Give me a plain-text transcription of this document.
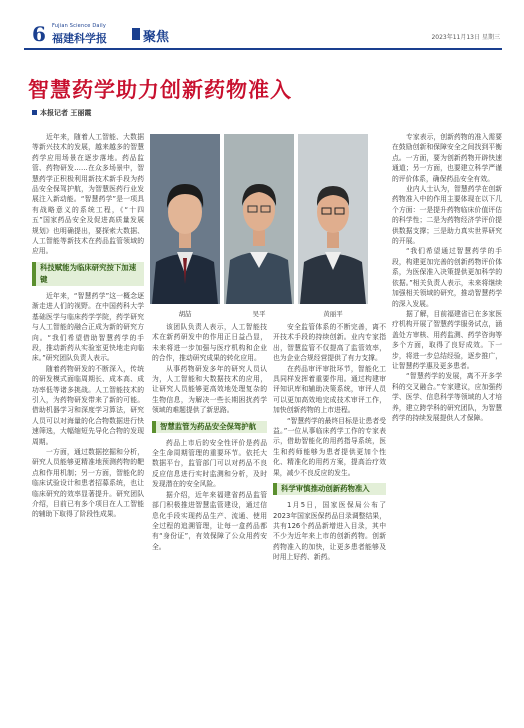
6 Fujian Science Daily
福建科学报	聚焦	2023年11月13日 星期三
智慧药学助力创新药物准入
本报记者 王丽霞
胡喆	吴平	黄丽平

近年来，随着人工智能、大数据等新兴技术的发展，越来越多的智慧药学应用场景在逐步落地。药品监管、药物研发……在众多场景中，智慧药学正积极利用新技术新手段为药品安全保驾护航，为智慧医药行业发展注入新动能。“智慧药学”是一项具有战略意义的系统工程，《“十四五”国家药品安全及促进高质量发展规划》也明确提出，要探索大数据、人工智能等新技术在药品监管领域的应用。

科技赋能为临床研究按下加速键

近年来，“智慧药学”这一概念逐渐走进人们的视野。在中国药科大学基础医学与临床药学学院，药学研究与人工智能的融合正成为新的研究方向。“我们希望借助智慧药学的手段，推动新药从实验室更快地走向临床。”研究团队负责人表示。

随着药物研发的不断深入，传统的研发模式面临周期长、成本高、成功率低等诸多挑战。人工智能技术的引入，为药物研发带来了新的可能。借助机器学习和深度学习算法，研究人员可以对海量的化合物数据进行快速筛选，大幅缩短先导化合物的发现周期。

一方面，通过数据挖掘和分析，研究人员能够更精准地预测药物的靶点和作用机制；另一方面，智能化的临床试验设计和患者招募系统，也让临床研究的效率显著提升。研究团队介绍，目前已有多个项目在人工智能的辅助下取得了阶段性成果。

该团队负责人表示，人工智能技术在新药研发中的作用正日益凸显，未来将进一步加强与医疗机构和企业的合作，推动研究成果的转化应用。

从事药物研发多年的研究人员认为，人工智能和大数据技术的应用，让研究人员能够更高效地处理复杂的生物信息，为解决一些长期困扰药学领域的难题提供了新思路。

智慧监管为药品安全保驾护航

药品上市后的安全性评价是药品全生命周期管理的重要环节。依托大数据平台，监管部门可以对药品不良反应信息进行实时监测和分析，及时发现潜在的安全风险。

据介绍，近年来福建省药品监管部门积极推进智慧监管建设，通过信息化手段实现药品生产、流通、使用全过程的追溯管理，让每一盒药品都有“身份证”，有效保障了公众用药安全。

安全监管体系的不断完善，离不开技术手段的持续创新。业内专家指出，智慧监管不仅提高了监管效率，也为企业合规经营提供了有力支撑。

在药品审评审批环节，智能化工具同样发挥着重要作用。通过构建审评知识库和辅助决策系统，审评人员可以更加高效地完成技术审评工作，加快创新药物的上市进程。

“智慧药学的最终目标是让患者受益。”一位从事临床药学工作的专家表示，借助智能化的用药指导系统，医生和药师能够为患者提供更加个性化、精准化的用药方案，提高治疗效果，减少不良反应的发生。

科学审慎推动创新药物准入

1月5日，国家医保局公布了2023年国家医保药品目录调整结果，共有126个药品新增进入目录，其中不少为近年来上市的创新药物。创新药物准入的加快，让更多患者能够及时用上好药、新药。

专家表示，创新药物的准入需要在鼓励创新和保障安全之间找到平衡点。一方面，要为创新药物开辟快速通道；另一方面，也要建立科学严谨的评价体系，确保药品安全有效。

业内人士认为，智慧药学在创新药物准入中的作用主要体现在以下几个方面：一是提升药物临床价值评估的科学性；二是为药物经济学评价提供数据支撑；三是助力真实世界研究的开展。

“我们希望通过智慧药学的手段，构建更加完善的创新药物评价体系，为医保准入决策提供更加科学的依据。”相关负责人表示，未来将继续加强相关领域的研究，推动智慧药学的深入发展。

据了解，目前福建省已在多家医疗机构开展了智慧药学服务试点，涵盖处方审核、用药监测、药学咨询等多个方面，取得了良好成效。下一步，将进一步总结经验，逐步推广，让智慧药学惠及更多患者。

“智慧药学的发展，离不开多学科的交叉融合。”专家建议，应加强药学、医学、信息科学等领域的人才培养，建立跨学科的研究团队，为智慧药学的持续发展提供人才保障。
